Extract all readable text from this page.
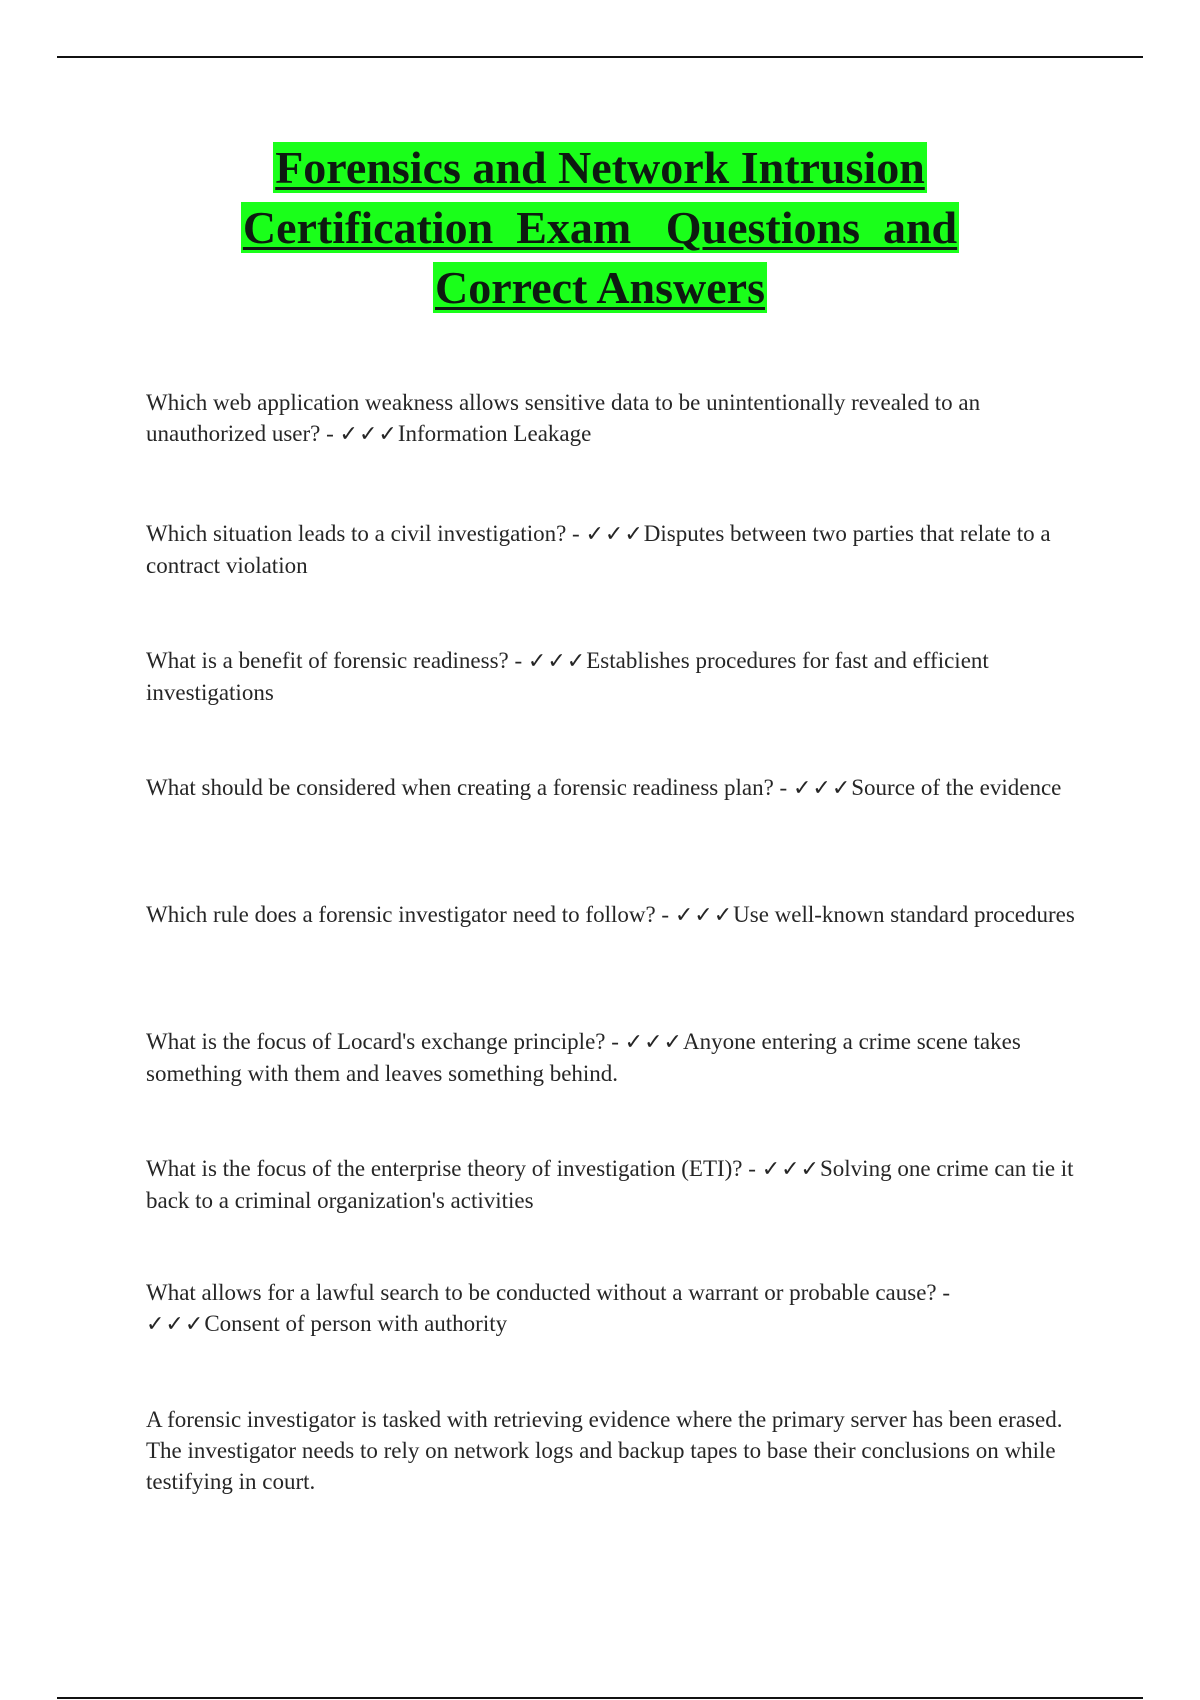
Forensics and Network Intrusion
Certification  Exam   Questions  and
Correct Answers
Which web application weakness allows sensitive data to be unintentionally revealed to an unauthorized user? - ✓✓✓Information Leakage
Which situation leads to a civil investigation? - ✓✓✓Disputes between two parties that relate to a contract violation
What is a benefit of forensic readiness? - ✓✓✓Establishes procedures for fast and efficient investigations
What should be considered when creating a forensic readiness plan? - ✓✓✓Source of the evidence
Which rule does a forensic investigator need to follow? - ✓✓✓Use well-known standard procedures
What is the focus of Locard's exchange principle? - ✓✓✓Anyone entering a crime scene takes something with them and leaves something behind.
What is the focus of the enterprise theory of investigation (ETI)? - ✓✓✓Solving one crime can tie it back to a criminal organization's activities
What allows for a lawful search to be conducted without a warrant or probable cause? - ✓✓✓Consent of person with authority
A forensic investigator is tasked with retrieving evidence where the primary server has been erased. The investigator needs to rely on network logs and backup tapes to base their conclusions on while testifying in court.
